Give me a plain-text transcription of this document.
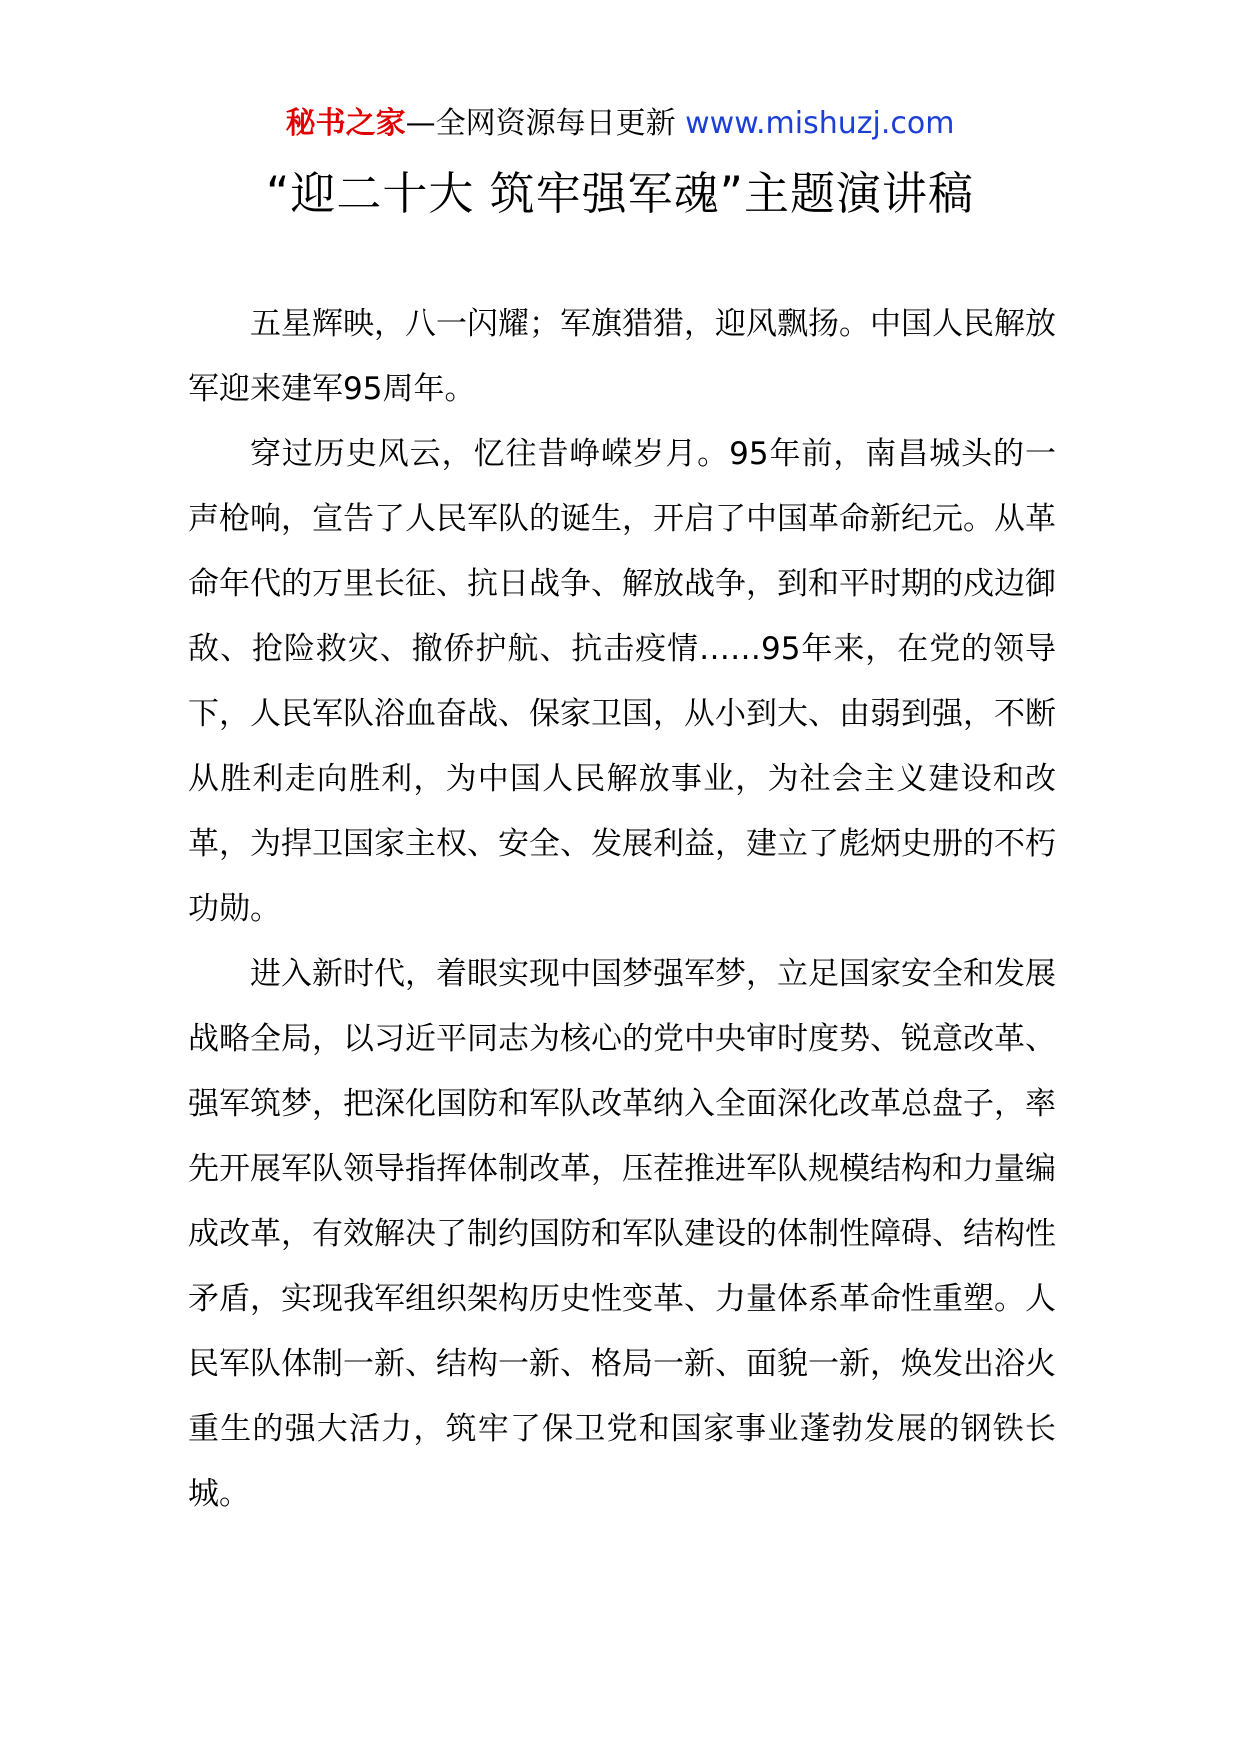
秘书之家—全网资源每日更新 www.mishuzj.com
“迎二十大 筑牢强军魂”主题演讲稿

五星辉映，八一闪耀；军旗猎猎，迎风飘扬。中国人民解放军迎来建军95周年。

穿过历史风云，忆往昔峥嵘岁月。95年前，南昌城头的一声枪响，宣告了人民军队的诞生，开启了中国革命新纪元。从革命年代的万里长征、抗日战争、解放战争，到和平时期的戍边御敌、抢险救灾、撤侨护航、抗击疫情……95年来，在党的领导下，人民军队浴血奋战、保家卫国，从小到大、由弱到强，不断从胜利走向胜利，为中国人民解放事业，为社会主义建设和改革，为捍卫国家主权、安全、发展利益，建立了彪炳史册的不朽功勋。

进入新时代，着眼实现中国梦强军梦，立足国家安全和发展战略全局，以习近平同志为核心的党中央审时度势、锐意改革、强军筑梦，把深化国防和军队改革纳入全面深化改革总盘子，率先开展军队领导指挥体制改革，压茬推进军队规模结构和力量编成改革，有效解决了制约国防和军队建设的体制性障碍、结构性矛盾，实现我军组织架构历史性变革、力量体系革命性重塑。人民军队体制一新、结构一新、格局一新、面貌一新，焕发出浴火重生的强大活力，筑牢了保卫党和国家事业蓬勃发展的钢铁长城。
